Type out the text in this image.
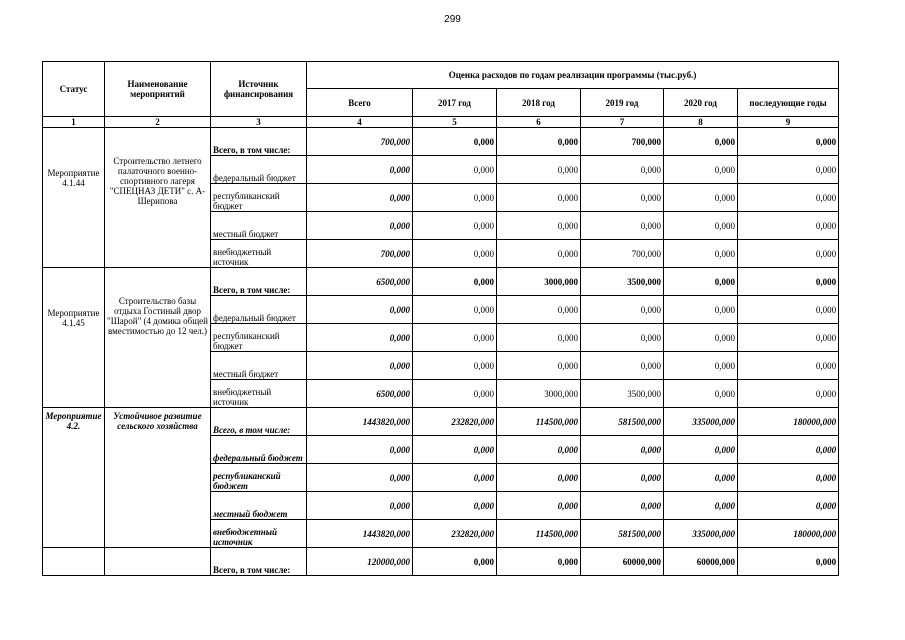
299
Статус	Наименование мероприятий	Источник финансирования	Оценка расходов по годам реализации программы (тыс.руб.)					
			Всего	2017 год	2018 год	2019 год	2020 год	последующие годы
1	2	3	4	5	6	7	8	9
Мероприятие 4.1.44	Строительство летнего палаточного военно-спортивного лагеря "СПЕЦНАЗ ДЕТИ" с. А-Шерипова	Всего, в том числе:	700,000	0,000	0,000	700,000	0,000	0,000
		федеральный бюджет	0,000	0,000	0,000	0,000	0,000	0,000
		республиканский бюджет	0,000	0,000	0,000	0,000	0,000	0,000
		местный бюджет	0,000	0,000	0,000	0,000	0,000	0,000
		внебюджетный источник	700,000	0,000	0,000	700,000	0,000	0,000
Мероприятие 4.1.45	Строительство базы отдыха Гостиный двор "Шарой" (4 домика общей вместимостью до 12 чел.)	Всего, в том числе:	6500,000	0,000	3000,000	3500,000	0,000	0,000
		федеральный бюджет	0,000	0,000	0,000	0,000	0,000	0,000
		республиканский бюджет	0,000	0,000	0,000	0,000	0,000	0,000
		местный бюджет	0,000	0,000	0,000	0,000	0,000	0,000
		внебюджетный источник	6500,000	0,000	3000,000	3500,000	0,000	0,000
Мероприятие 4.2.	Устойчивое развитие сельского хозяйства	Всего, в том числе:	1443820,000	232820,000	114500,000	581500,000	335000,000	180000,000
		федеральный бюджет	0,000	0,000	0,000	0,000	0,000	0,000
		республиканский бюджет	0,000	0,000	0,000	0,000	0,000	0,000
		местный бюджет	0,000	0,000	0,000	0,000	0,000	0,000
		внебюджетный источник	1443820,000	232820,000	114500,000	581500,000	335000,000	180000,000
		Всего, в том числе:	120000,000	0,000	0,000	60000,000	60000,000	0,000
